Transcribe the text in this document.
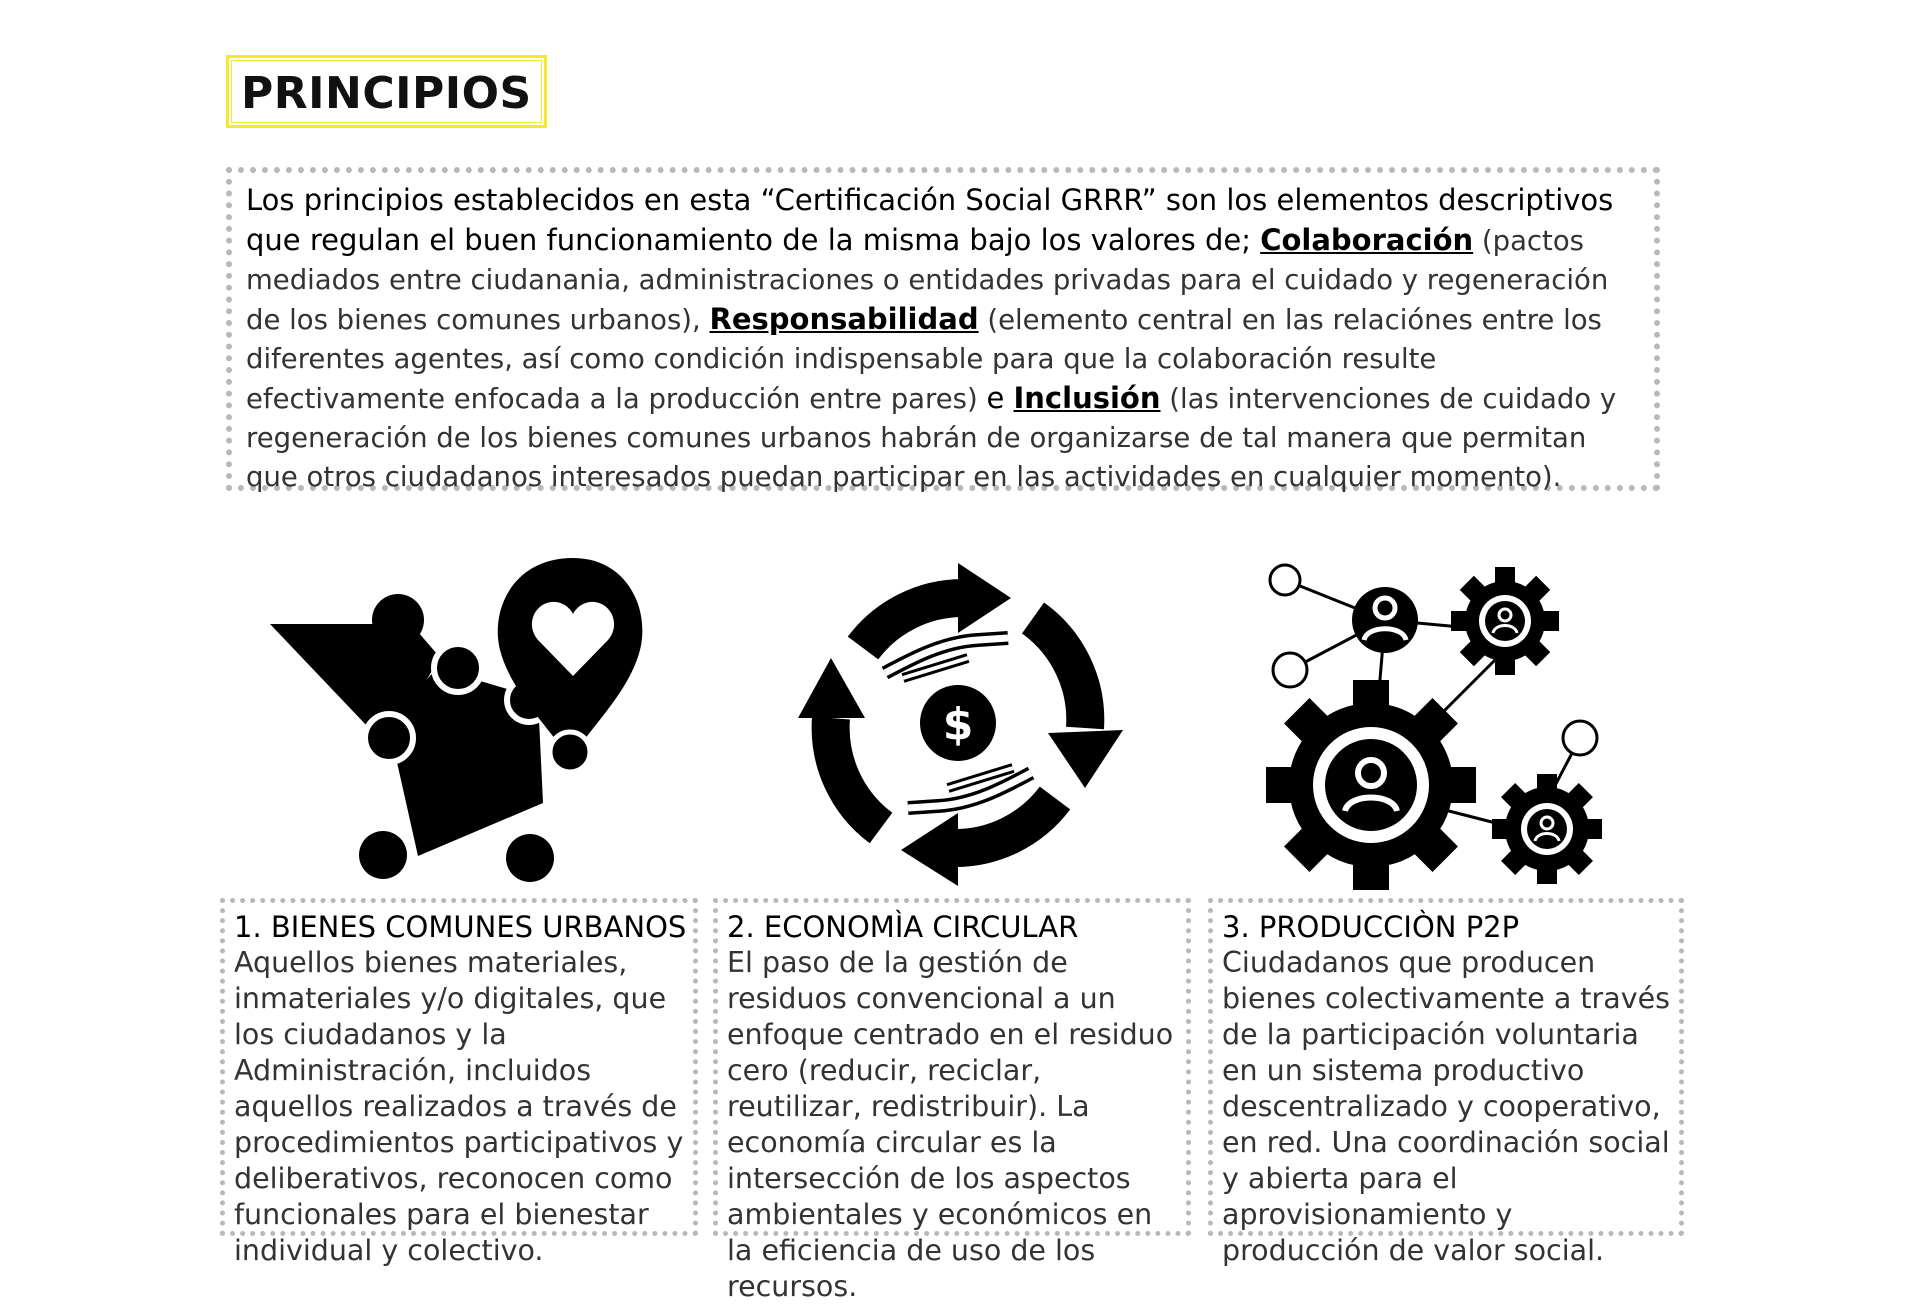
PRINCIPIOS
Los principios establecidos en esta “Certificación Social GRRR” son los elementos descriptivos que regulan el buen funcionamiento de la misma bajo los valores de; Colaboración (pactos mediados entre ciudanania, administraciones o entidades privadas para el cuidado y regeneración de los bienes comunes urbanos), Responsabilidad (elemento central en las relaciónes entre los diferentes agentes, así como condición indispensable para que la colaboración resulte efectivamente enfocada a la producción entre pares) e Inclusión (las intervenciones de cuidado y regeneración de los bienes comunes urbanos habrán de organizarse de tal manera que permitan que otros ciudadanos interesados puedan participar en las actividades en cualquier momento).
$
1. BIENES COMUNES URBANOS

Aquellos bienes materiales, inmateriales y/o digitales, que los ciudadanos y la Administración, incluidos aquellos realizados a través de procedimientos participativos y deliberativos, reconocen como funcionales para el bienestar individual y colectivo.

2. ECONOMÌA CIRCULAR

El paso de la gestión de residuos convencional a un enfoque centrado en el residuo cero (reducir, reciclar, reutilizar, redistribuir). La economía circular es la intersección de los aspectos ambientales y económicos en la eficiencia de uso de los recursos.

3. PRODUCCIÒN P2P

Ciudadanos que producen bienes colectivamente a través de la participación voluntaria en un sistema productivo descentralizado y cooperativo, en red. Una coordinación social y abierta para el aprovisionamiento y producción de valor social.
